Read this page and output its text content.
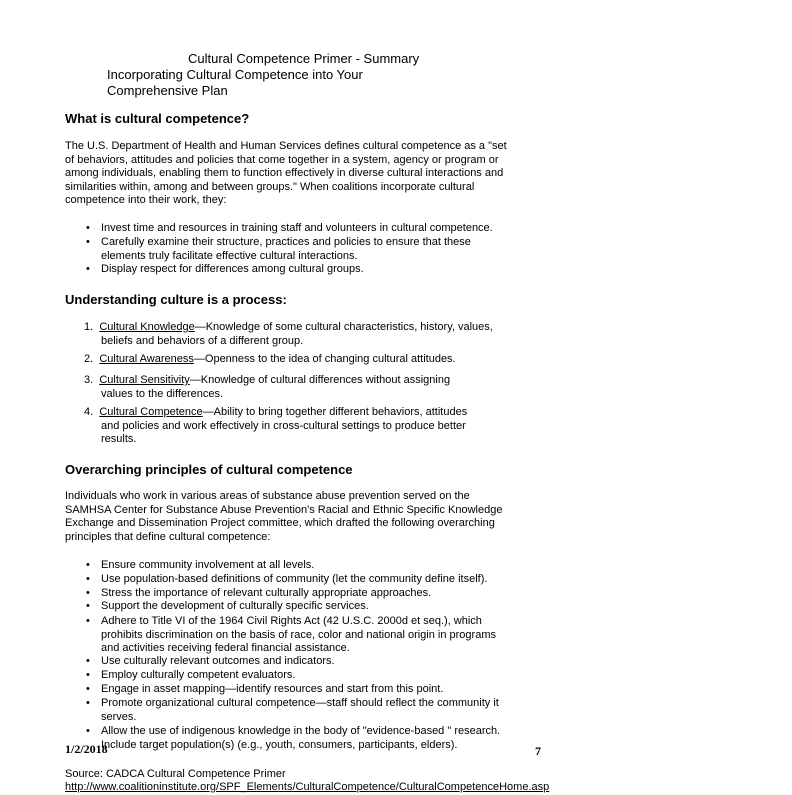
Cultural Competence Primer - Summary
Incorporating Cultural Competence into Your
Comprehensive Plan
What is cultural competence?
The U.S. Department of Health and Human Services defines cultural competence as a "set
of behaviors, attitudes and policies that come together in a system, agency or program or
among individuals, enabling them to function effectively in diverse cultural interactions and
similarities within, among and between groups." When coalitions incorporate cultural
competence into their work, they:
• Invest time and resources in training staff and volunteers in cultural competence.
• Carefully examine their structure, practices and policies to ensure that these
elements truly facilitate effective cultural interactions.
• Display respect for differences among cultural groups.
Understanding culture is a process:
1. Cultural Knowledge—Knowledge of some cultural characteristics, history, values,
beliefs and behaviors of a different group.
2. Cultural Awareness—Openness to the idea of changing cultural attitudes.
3. Cultural Sensitivity—Knowledge of cultural differences without assigning
values to the differences.
4. Cultural Competence—Ability to bring together different behaviors, attitudes
and policies and work effectively in cross-cultural settings to produce better
results.
Overarching principles of cultural competence
Individuals who work in various areas of substance abuse prevention served on the
SAMHSA Center for Substance Abuse Prevention's Racial and Ethnic Specific Knowledge
Exchange and Dissemination Project committee, which drafted the following overarching
principles that define cultural competence:
• Ensure community involvement at all levels.
• Use population-based definitions of community (let the community define itself).
• Stress the importance of relevant culturally appropriate approaches.
• Support the development of culturally specific services.
• Adhere to Title VI of the 1964 Civil Rights Act (42 U.S.C. 2000d et seq.), which
prohibits discrimination on the basis of race, color and national origin in programs
and activities receiving federal financial assistance.
• Use culturally relevant outcomes and indicators.
• Employ culturally competent evaluators.
• Engage in asset mapping—identify resources and start from this point.
• Promote organizational cultural competence—staff should reflect the community it
serves.
• Allow the use of indigenous knowledge in the body of "evidence-based " research.
Include target population(s) (e.g., youth, consumers, participants, elders).
1/2/2018	7
Source: CADCA Cultural Competence Primer
http://www.coalitioninstitute.org/SPF_Elements/CulturalCompetence/CulturalCompetenceHome.asp
